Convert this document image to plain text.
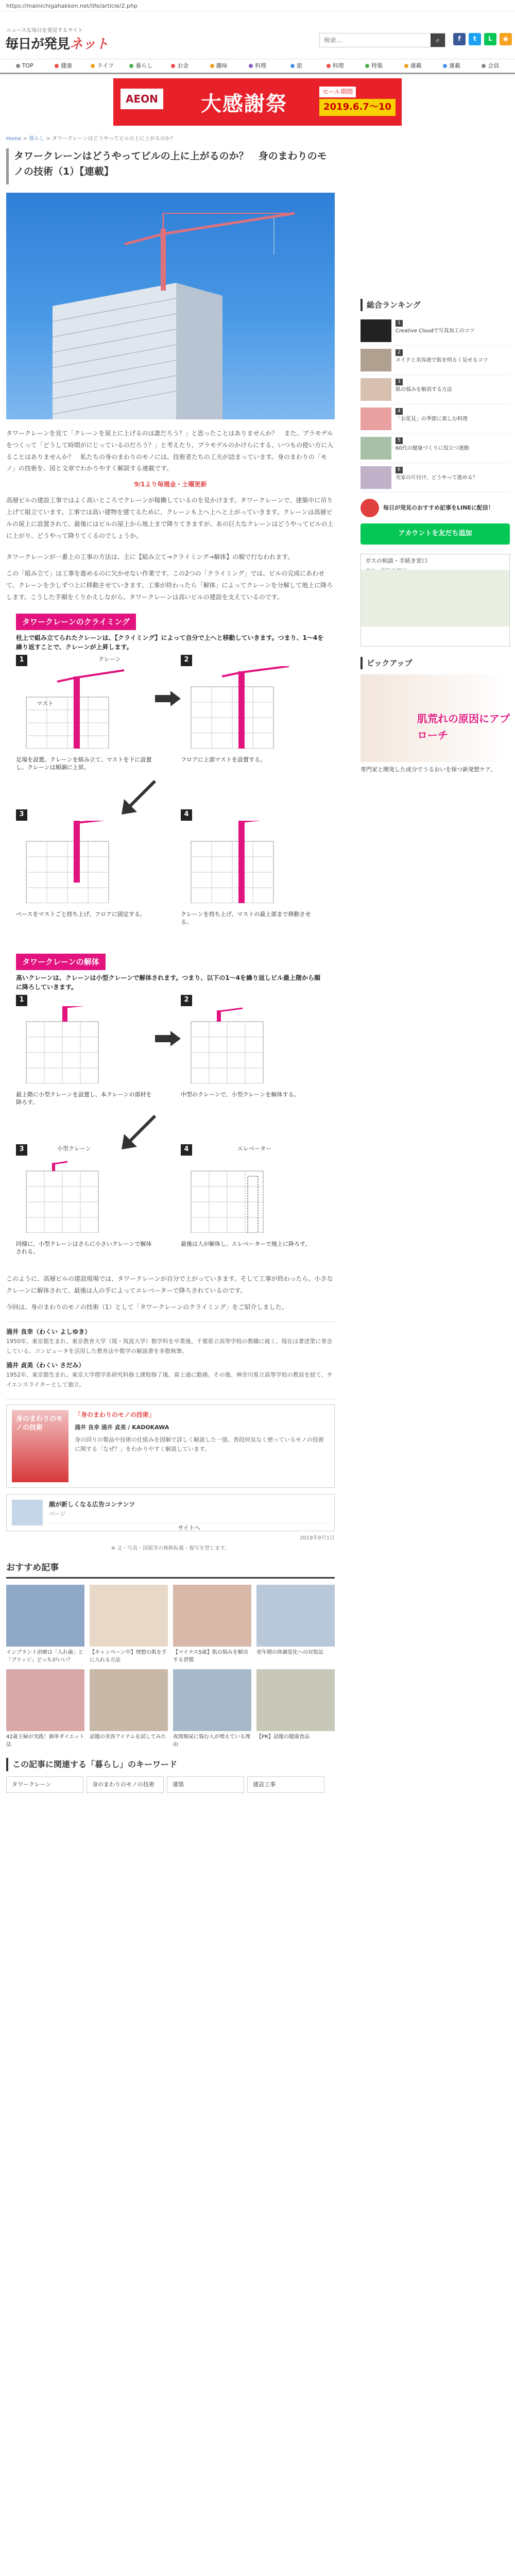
https://mainichigahakken.net/life/article/2.php
ニュースな毎日を発見するサイト
毎日が発見ネット
検索...	⌕	f	t	L	◉
TOP	健康	ライフ	暮らし	お金	趣味	料理	旅	料理	特集	連載	連載	会員
AEON 大感謝祭
セール期間
2019.6.7〜10
Home > 暮らし > タワークレーンはどうやってビルの上に上がるのか？
タワークレーンはどうやってビルの上に上がるのか？　身のまわりのモノの技術（1）【連載】

タワークレーンを見て「クレーンを屋上に上げるのは誰だろう？」と思ったことはありませんか？　また、プラモデルをつくって「どうして時間がにじっているのだろう？」と考えたり、プラモデルのかけらにする、いつもの使い方に入ることはありませんか？　私たちの身のまわりのモノには、技術者たちの工夫が詰まっています。身のまわりの「モノ」の技術を、図と文章でわかりやすく解説する連載です。

9/1より毎週金・土曜更新

高層ビルの建設工事ではよく高いところでクレーンが稼働しているのを見かけます。タワークレーンで、建築中に吊り上げて組立ています。工事では高い建物を建てるために、クレーンも上へ上へと上がっていきます。クレーンは高層ビルの屋上に設置されて、最後にはビルの屋上から地上まで降りてきますが、あの巨大なクレーンはどうやってビルの上に上がり、どうやって降りてくるのでしょうか。

タワークレーンが一番上の工事の方法は、主に【組み立て→クライミング→解体】の順で行なわれます。

この「組み立て」は工事を進めるのに欠かせない作業です。この2つの「クライミング」では、ビルの完成にあわせて、クレーンを少しずつ上に移動させていきます。工事が終わったら「解体」によってクレーンを分解して地上に降ろします。こうした手順をくりかえしながら、タワークレーンは高いビルの建設を支えているのです。

タワークレーンのクライミング

柱上で組み立てられたクレーンは、【クライミング】によって自分で上へと移動していきます。つまり、1〜4を繰り返すことで、クレーンが上昇します。

1	クレーン
マスト
足場を設置。クレーンを組み立て、マストを下に設置し、クレーンは順調に上昇。
2
フロアに上部マストを設置する。
3
ベースをマストごと持ち上げ、フロアに固定する。
4
クレーンを持ち上げ、マストの最上部まで移動させる。
タワークレーンの解体

高いクレーンは、クレーンは小型クレーンで解体されます。つまり、以下の1〜4を繰り返しビル最上階から順に降ろしていきます。

1
最上階に小型クレーンを設置し、本クレーンの部材を降ろす。
2
中型のクレーンで、小型クレーンを解体する。
3	小型クレーン
同様に、小型クレーンはさらに小さいクレーンで解体される。
4	エレベーター
最後は人が解体し、エレベーターで地上に降ろす。

このように、高層ビルの建設現場では、タワークレーンが自分で上がっていきます。そして工事が終わったら、小さなクレーンに解体されて、最後は人の手によってエレベーターで降ろされているのです。

今回は、身のまわりのモノの技術（1）として「タワークレーンのクライミング」をご紹介しました。

涌井 良幸（わくい よしゆき）
1950年、東京都生まれ。東京教育大学（現・筑波大学）数学科を卒業後、千葉県立高等学校の教職に就く。現在は著述業に専念している。コンピュータを活用した教育法や数学の解説書を多数執筆。
涌井 貞美（わくい さだみ）
1952年、東京都生まれ。東京大学理学系研究科修士課程修了後、富士通に勤務。その後、神奈川県立高等学校の教員を経て、サイエンスライターとして独立。
身のまわりのモノの技術
「身のまわりのモノの技術」
涌井 良幸 涌井 貞美 / KADOKAWA
身の回りの製品や技術の仕組みを図解で詳しく解説した一冊。普段何気なく使っているモノの技術に関する「なぜ？」をわかりやすく解説しています。
顔が新しくなる広告コンテンツ
ページ
サイトへ
2019年9月1日
※ 文・写真・図版等の無断転載・複写を禁じます。
おすすめ記事
インプラント治療は「入れ歯」と「ブリッジ」どっちがいい？
【キャンペーン中】理想の肌を手に入れる方法
【マイナス5歳】肌の悩みを解決する習慣
更年期の体調変化への対処法
42歳主婦が実践！簡単ダイエット法
話題の美容アイテムを試してみた	夜間頻尿に悩む人が増えている理由
【PR】話題の健康食品
この記事に関連する「暮らし」のキーワード
タワークレーン	身のまわりのモノの技術	建築	建設工事
総合ランキング
1
Creative Cloudで写真加工のコツ
2
メイクと美容液で肌を明るく見せるコツ
3
肌の悩みを解消する方法
4
「お花見」の季節に楽しむ料理
5
60代の健康づくりに役立つ運動
6
実家の片付け、どうやって進める？
毎日が発見のおすすめ記事をLINEに配信！
アカウントを友だち追加
ガスの相談・手続き窓口
ピックアップ
肌荒れの原因にアプローチ
専門家と開発した成分でうるおいを保つ新発想ケア。
